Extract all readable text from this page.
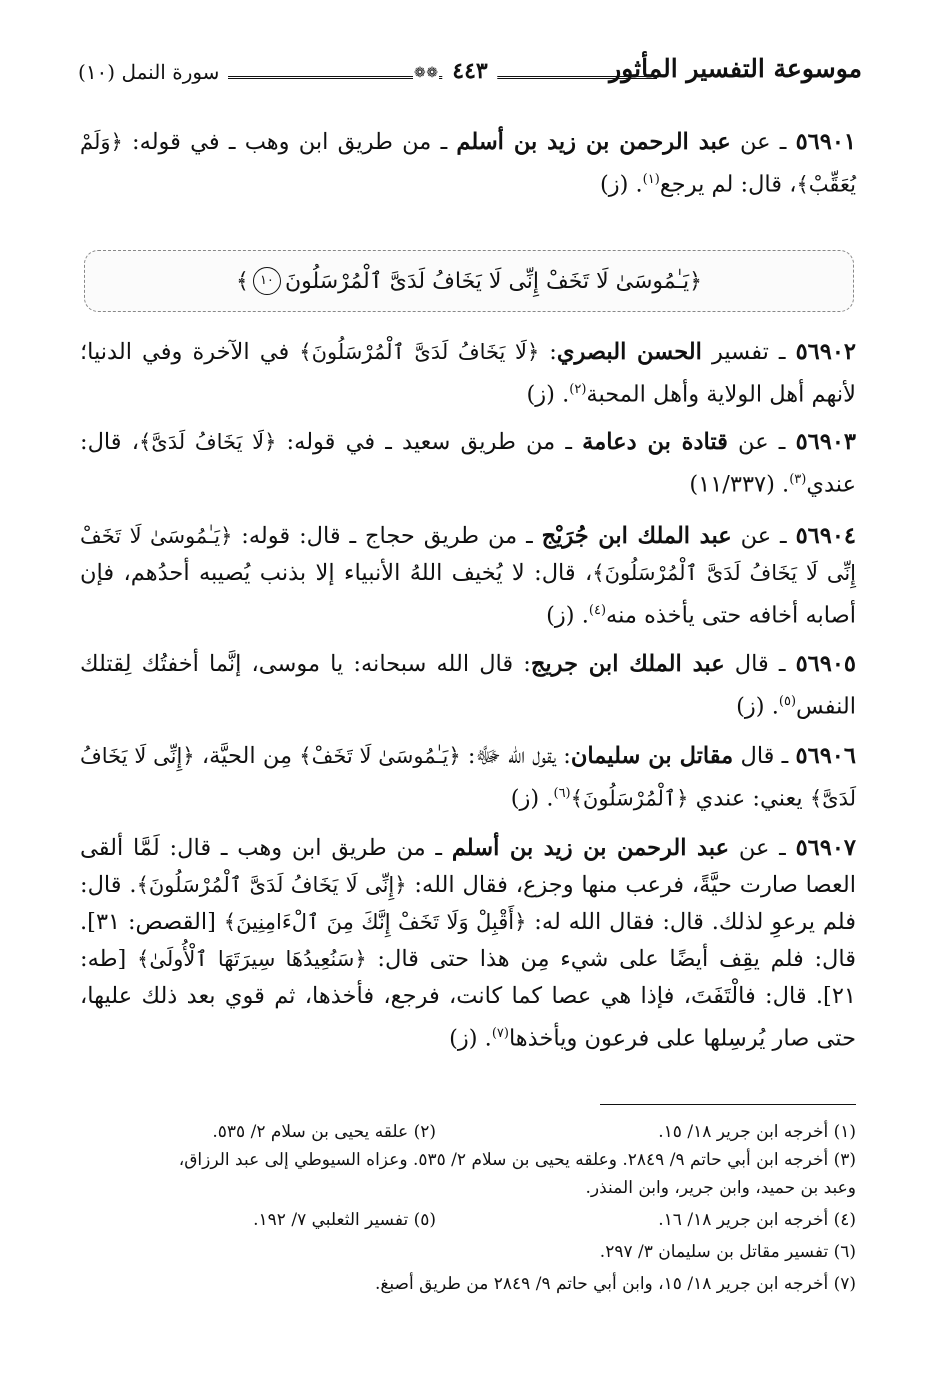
موسوعة التفسير المأثور
❁ ٤٤٣
❁
سورة النمل (١٠)
٥٦٩٠١ ـ عن عبد الرحمن بن زيد بن أسلم ـ من طريق ابن وهب ـ في قوله: ﴿وَلَمْ يُعَقِّبْ﴾، قال: لم يرجع$^{(١)}$. (ز)
﴿يَـٰمُوسَىٰ لَا تَخَفْ إِنِّى لَا يَخَافُ لَدَىَّ ٱلْمُرْسَلُونَ
١٠
﴾
٥٦٩٠٢ ـ تفسير الحسن البصري: ﴿لَا يَخَافُ لَدَىَّ ٱلْمُرْسَلُونَ﴾ في الآخرة وفي الدنيا؛ لأنهم أهل الولاية وأهل المحبة$^{(٢)}$. (ز)
٥٦٩٠٣ ـ عن قتادة بن دعامة ـ من طريق سعيد ـ في قوله: ﴿لَا يَخَافُ لَدَىَّ﴾، قال: عندي$^{(٣)}$. (١١/٣٣٧)
٥٦٩٠٤ ـ عن عبد الملك ابن جُرَيْج ـ من طريق حجاج ـ قال: قوله: ﴿يَـٰمُوسَىٰ لَا تَخَفْ إِنِّى لَا يَخَافُ لَدَىَّ ٱلْمُرْسَلُونَ﴾، قال: لا يُخيف اللهُ الأنبياء إلا بذنب يُصيبه أحدُهم، فإن أصابه أخافه حتى يأخذه منه$^{(٤)}$. (ز)
٥٦٩٠٥ ـ قال عبد الملك ابن جريج: قال الله سبحانه: يا موسى، إنَّما أخفتُك لِقتلك النفس$^{(٥)}$. (ز)
٥٦٩٠٦ ـ قال مقاتل بن سليمان: يقول الله ﷻ: ﴿يَـٰمُوسَىٰ لَا تَخَفْ﴾ مِن الحيَّة، ﴿إِنِّى لَا يَخَافُ لَدَىَّ﴾ يعني: عندي ﴿ٱلْمُرْسَلُونَ﴾$^{(٦)}$. (ز)
٥٦٩٠٧ ـ عن عبد الرحمن بن زيد بن أسلم ـ من طريق ابن وهب ـ قال: لَمَّا ألقى العصا صارت حيَّةً، فرعب منها وجزع، فقال الله: ﴿إِنِّى لَا يَخَافُ لَدَىَّ ٱلْمُرْسَلُونَ﴾. قال: فلم يرعوِ لذلك. قال: فقال الله له: ﴿أَقْبِلْ وَلَا تَخَفْ إِنَّكَ مِنَ ٱلْءَامِنِينَ﴾ [القصص: ٣١]. قال: فلم يقِف أيضًا على شيء مِن هذا حتى قال: ﴿سَنُعِيدُهَا سِيرَتَهَا ٱلْأُولَىٰ﴾ [طه: ٢١]. قال: فالْتَفَتَ، فإذا هي عصا كما كانت، فرجع، فأخذها، ثم قوي بعد ذلك عليها، حتى صار يُرسِلها على فرعون ويأخذها$^{(٧)}$. (ز)
(١) أخرجه ابن جرير ١٨/ ١٥.
(٢) علقه يحيى بن سلام ٢/ ٥٣٥.
(٣) أخرجه ابن أبي حاتم ٩/ ٢٨٤٩. وعلقه يحيى بن سلام ٢/ ٥٣٥. وعزاه السيوطي إلى عبد الرزاق،
وعبد بن حميد، وابن جرير، وابن المنذر.
(٤) أخرجه ابن جرير ١٨/ ١٦.
(٥) تفسير الثعلبي ٧/ ١٩٢.
(٦) تفسير مقاتل بن سليمان ٣/ ٢٩٧.
(٧) أخرجه ابن جرير ١٨/ ١٥، وابن أبي حاتم ٩/ ٢٨٤٩ من طريق أصبغ.
